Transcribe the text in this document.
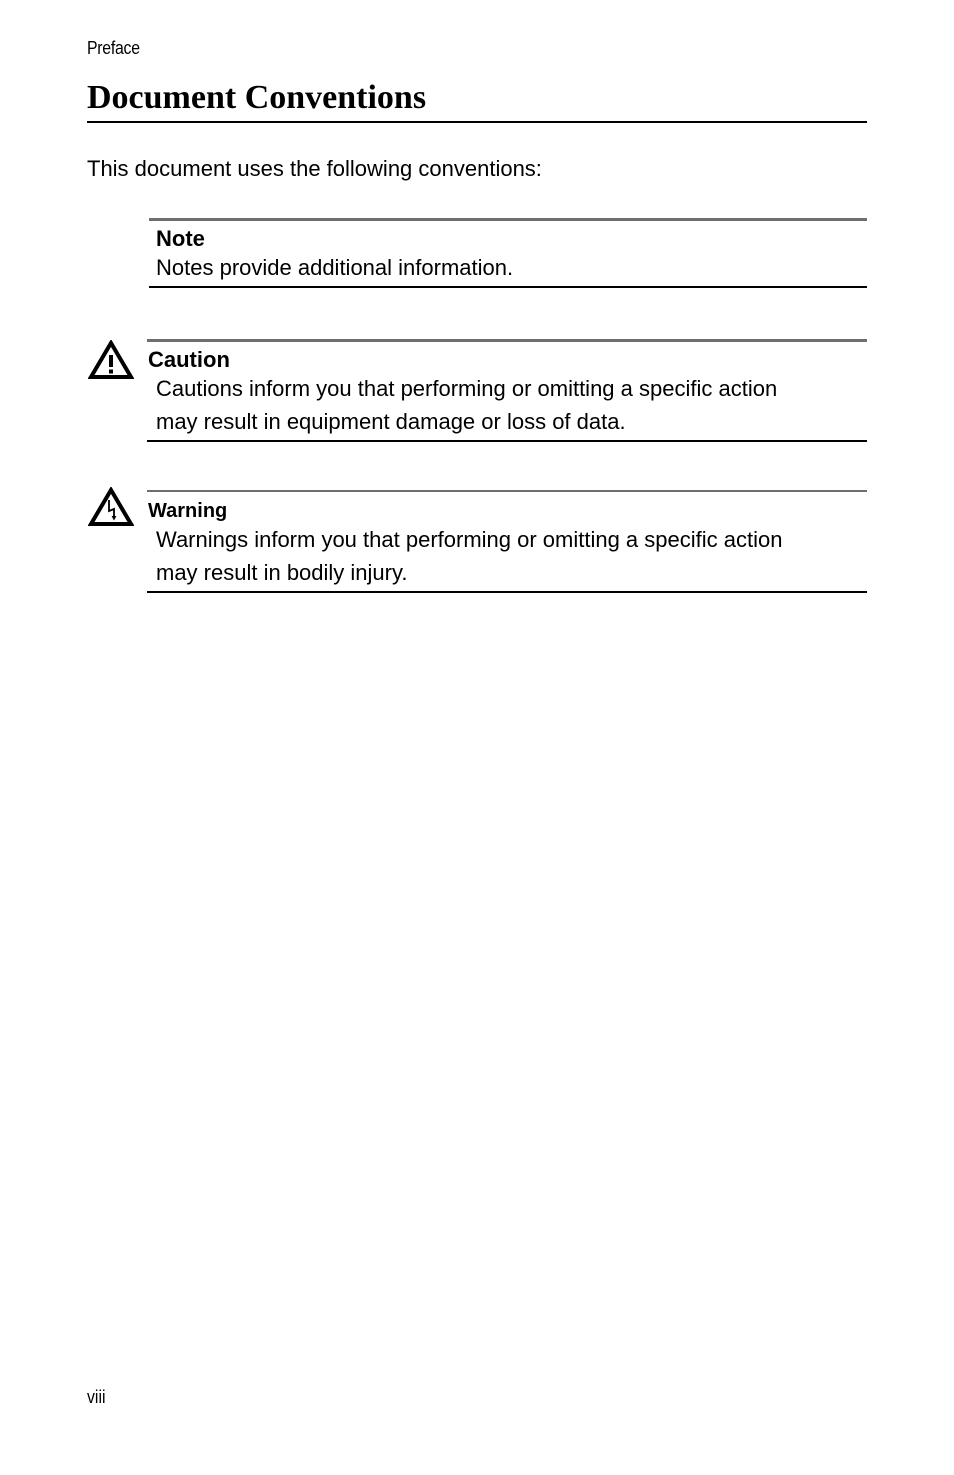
Preface
Document Conventions

This document uses the following conventions:

Note
Notes provide additional information.
Caution
Cautions inform you that performing or omitting a specific action
may result in equipment damage or loss of data.
Warning
Warnings inform you that performing or omitting a specific action
may result in bodily injury.
viii
